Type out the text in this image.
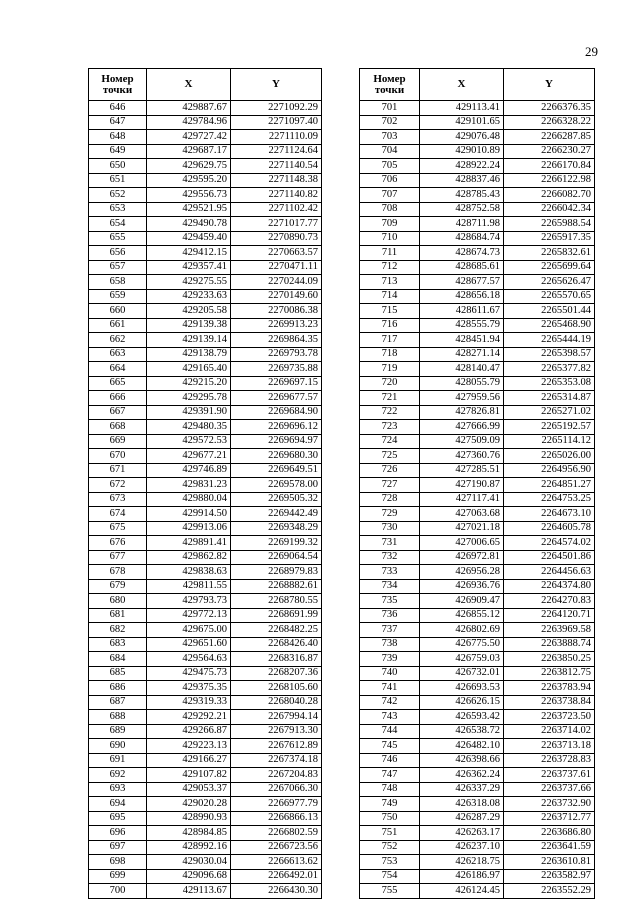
29
Номер точки	X	Y
646	429887.67	2271092.29
647	429784.96	2271097.40
648	429727.42	2271110.09
649	429687.17	2271124.64
650	429629.75	2271140.54
651	429595.20	2271148.38
652	429556.73	2271140.82
653	429521.95	2271102.42
654	429490.78	2271017.77
655	429459.40	2270890.73
656	429412.15	2270663.57
657	429357.41	2270471.11
658	429275.55	2270244.09
659	429233.63	2270149.60
660	429205.58	2270086.38
661	429139.38	2269913.23
662	429139.14	2269864.35
663	429138.79	2269793.78
664	429165.40	2269735.88
665	429215.20	2269697.15
666	429295.78	2269677.57
667	429391.90	2269684.90
668	429480.35	2269696.12
669	429572.53	2269694.97
670	429677.21	2269680.30
671	429746.89	2269649.51
672	429831.23	2269578.00
673	429880.04	2269505.32
674	429914.50	2269442.49
675	429913.06	2269348.29
676	429891.41	2269199.32
677	429862.82	2269064.54
678	429838.63	2268979.83
679	429811.55	2268882.61
680	429793.73	2268780.55
681	429772.13	2268691.99
682	429675.00	2268482.25
683	429651.60	2268426.40
684	429564.63	2268316.87
685	429475.73	2268207.36
686	429375.35	2268105.60
687	429319.33	2268040.28
688	429292.21	2267994.14
689	429266.87	2267913.30
690	429223.13	2267612.89
691	429166.27	2267374.18
692	429107.82	2267204.83
693	429053.37	2267066.30
694	429020.28	2266977.79
695	428990.93	2266866.13
696	428984.85	2266802.59
697	428992.16	2266723.56
698	429030.04	2266613.62
699	429096.68	2266492.01
700	429113.67	2266430.30
Номер точки	X	Y
701	429113.41	2266376.35
702	429101.65	2266328.22
703	429076.48	2266287.85
704	429010.89	2266230.27
705	428922.24	2266170.84
706	428837.46	2266122.98
707	428785.43	2266082.70
708	428752.58	2266042.34
709	428711.98	2265988.54
710	428684.74	2265917.35
711	428674.73	2265832.61
712	428685.61	2265699.64
713	428677.57	2265626.47
714	428656.18	2265570.65
715	428611.67	2265501.44
716	428555.79	2265468.90
717	428451.94	2265444.19
718	428271.14	2265398.57
719	428140.47	2265377.82
720	428055.79	2265353.08
721	427959.56	2265314.87
722	427826.81	2265271.02
723	427666.99	2265192.57
724	427509.09	2265114.12
725	427360.76	2265026.00
726	427285.51	2264956.90
727	427190.87	2264851.27
728	427117.41	2264753.25
729	427063.68	2264673.10
730	427021.18	2264605.78
731	427006.65	2264574.02
732	426972.81	2264501.86
733	426956.28	2264456.63
734	426936.76	2264374.80
735	426909.47	2264270.83
736	426855.12	2264120.71
737	426802.69	2263969.58
738	426775.50	2263888.74
739	426759.03	2263850.25
740	426732.01	2263812.75
741	426693.53	2263783.94
742	426626.15	2263738.84
743	426593.42	2263723.50
744	426538.72	2263714.02
745	426482.10	2263713.18
746	426398.66	2263728.83
747	426362.24	2263737.61
748	426337.29	2263737.66
749	426318.08	2263732.90
750	426287.29	2263712.77
751	426263.17	2263686.80
752	426237.10	2263641.59
753	426218.75	2263610.81
754	426186.97	2263582.97
755	426124.45	2263552.29
